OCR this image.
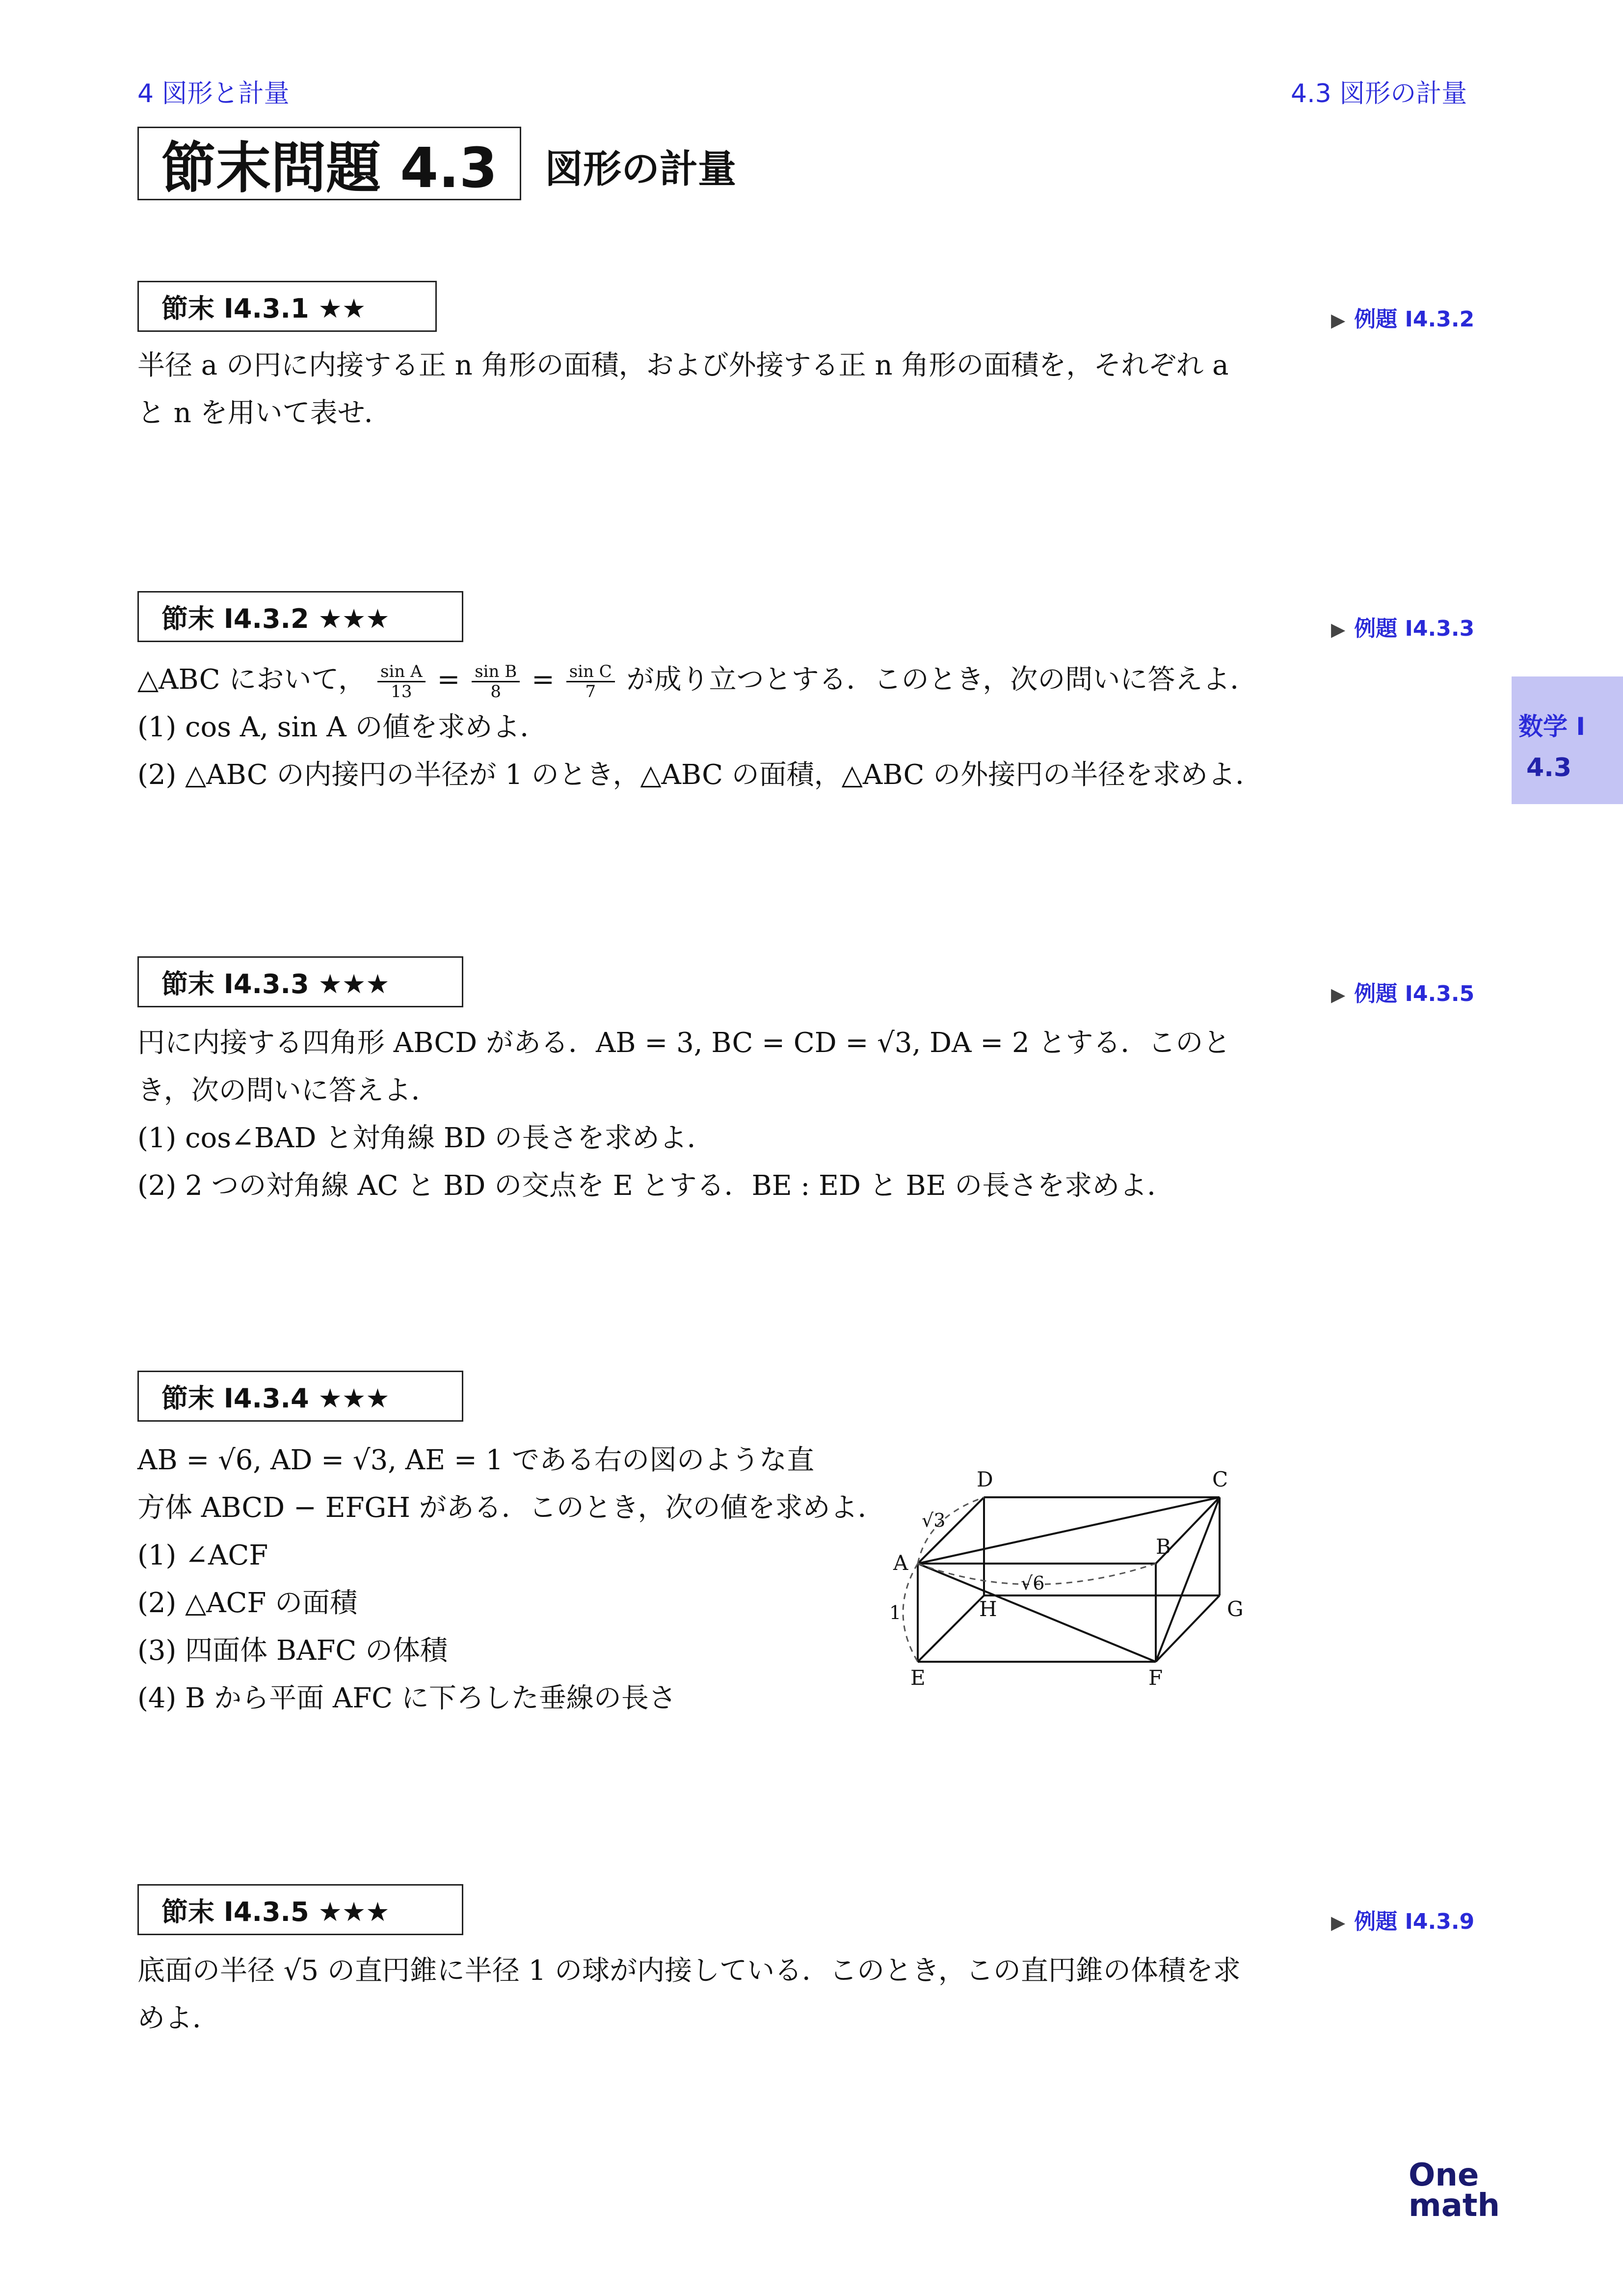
4 図形と計量	4.3 図形の計量
節末問題 4.3	図形の計量
数学 I
4.3
節末 I4.3.1 ★★	▶ 例題 I4.3.2
半径 a の円に内接する正 n 角形の面積，および外接する正 n 角形の面積を，それぞれ a
と n を用いて表せ．
節末 I4.3.2 ★★★	▶ 例題 I4.3.3
△ABC において， $\frac{\text{sin A}}{13} = \frac{\text{sin B}}{8} = \frac{\text{sin C}}{7}$ が成り立つとする．このとき，次の問いに答えよ．
(1) cos A, sin A の値を求めよ．
(2) △ABC の内接円の半径が 1 のとき，△ABC の面積，△ABC の外接円の半径を求めよ．
節末 I4.3.3 ★★★	▶ 例題 I4.3.5
円に内接する四角形 ABCD がある．AB = 3, BC = CD = √3, DA = 2 とする．このと
き，次の問いに答えよ．
(1) cos∠BAD と対角線 BD の長さを求めよ．
(2) 2 つの対角線 AC と BD の交点を E とする．BE : ED と BE の長さを求めよ．
節末 I4.3.4 ★★★
AB = √6, AD = √3, AE = 1 である右の図のような直
方体 ABCD − EFGH がある．このとき，次の値を求めよ．
(1) ∠ACF
(2) △ACF の面積
(3) 四面体 BAFC の体積
(4) B から平面 AFC に下ろした垂線の長さ
D	C
B
A
H	G
E	F
√3
√6
1
節末 I4.3.5 ★★★	▶ 例題 I4.3.9
底面の半径 √5 の直円錐に半径 1 の球が内接している．このとき，この直円錐の体積を求
めよ．
One
math
